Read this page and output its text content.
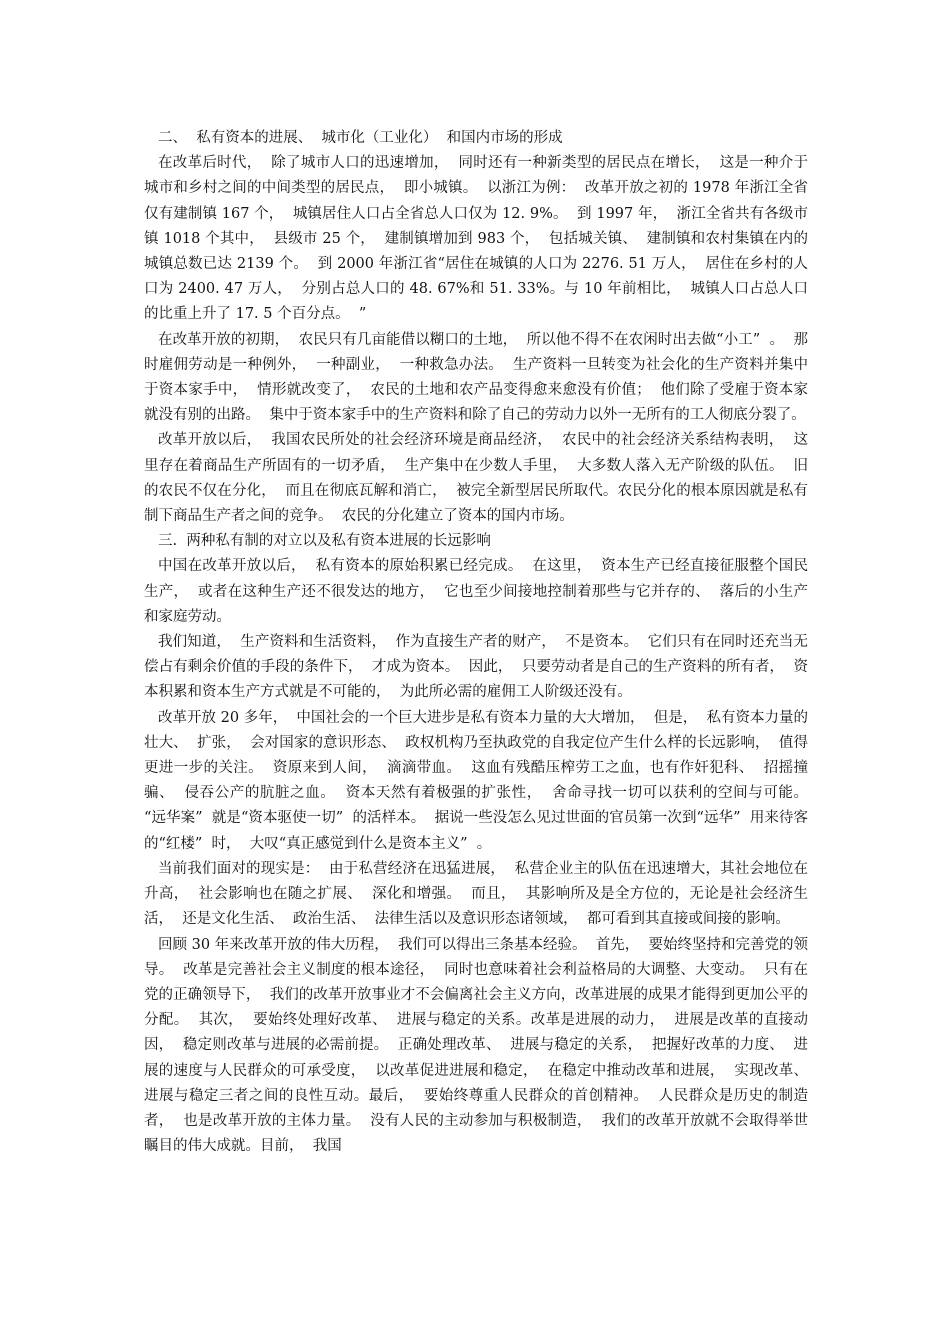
二、  私有资本的进展、  城市化（工业化）  和国内市场的形成

在改革后时代，  除了城市人口的迅速增加，  同时还有一种新类型的居民点在增长，  这是一种介于城市和乡村之间的中间类型的居民点，  即小城镇。  以浙江为例：  改革开放之初的 1978 年浙江全省仅有建制镇 167 个，  城镇居住人口占全省总人口仅为 12. 9%。  到 1997 年，  浙江全省共有各级市镇 1018 个其中，  县级市 25 个，  建制镇增加到 983 个，  包括城关镇、  建制镇和农村集镇在内的城镇总数已达 2139 个。  到 2000 年浙江省“居住在城镇的人口为 2276. 51 万人，  居住在乡村的人口为 2400. 47 万人，  分别占总人口的 48. 67%和 51. 33%。与 10 年前相比，  城镇人口占总人口的比重上升了 17. 5 个百分点。  ”

在改革开放的初期，  农民只有几亩能借以糊口的土地，  所以他不得不在农闲时出去做“小工”  。  那时雇佣劳动是一种例外，  一种副业，  一种救急办法。  生产资料一旦转变为社会化的生产资料并集中于资本家手中，  情形就改变了，  农民的土地和农产品变得愈来愈没有价值；  他们除了受雇于资本家就没有别的出路。  集中于资本家手中的生产资料和除了自己的劳动力以外一无所有的工人彻底分裂了。

改革开放以后，  我国农民所处的社会经济环境是商品经济，  农民中的社会经济关系结构表明，  这里存在着商品生产所固有的一切矛盾，  生产集中在少数人手里，  大多数人落入无产阶级的队伍。  旧的农民不仅在分化，  而且在彻底瓦解和消亡，  被完全新型居民所取代。农民分化的根本原因就是私有制下商品生产者之间的竞争。  农民的分化建立了资本的国内市场。

三.  两种私有制的对立以及私有资本进展的长远影响

中国在改革开放以后，  私有资本的原始积累已经完成。  在这里，  资本生产已经直接征服整个国民生产，  或者在这种生产还不很发达的地方，  它也至少间接地控制着那些与它并存的、  落后的小生产和家庭劳动。

我们知道，  生产资料和生活资料，  作为直接生产者的财产，  不是资本。  它们只有在同时还充当无偿占有剩余价值的手段的条件下，  才成为资本。  因此，  只要劳动者是自己的生产资料的所有者，  资本积累和资本生产方式就是不可能的，  为此所必需的雇佣工人阶级还没有。

改革开放 20 多年，  中国社会的一个巨大进步是私有资本力量的大大增加，  但是，  私有资本力量的壮大、  扩张，  会对国家的意识形态、  政权机构乃至执政党的自我定位产生什么样的长远影响，  值得更进一步的关注。  资原来到人间，  滴滴带血。  这血有残酷压榨劳工之血，也有作奸犯科、  招摇撞骗、  侵吞公产的肮脏之血。  资本天然有着极强的扩张性，  舍命寻找一切可以获利的空间与可能。  “远华案”  就是“资本驱使一切”  的活样本。  据说一些没怎么见过世面的官员第一次到“远华”  用来待客的“红楼”  时，  大叹“真正感觉到什么是资本主义”  。

当前我们面对的现实是：  由于私营经济在迅猛进展，  私营企业主的队伍在迅速增大，其社会地位在升高，  社会影响也在随之扩展、  深化和增强。  而且，  其影响所及是全方位的，无论是社会经济生活，  还是文化生活、  政治生活、  法律生活以及意识形态诸领域，  都可看到其直接或间接的影响。

回顾 30 年来改革开放的伟大历程，  我们可以得出三条基本经验。  首先，  要始终坚持和完善党的领导。  改革是完善社会主义制度的根本途径，  同时也意味着社会利益格局的大调整、大变动。  只有在党的正确领导下，  我们的改革开放事业才不会偏离社会主义方向，改革进展的成果才能得到更加公平的分配。  其次，  要始终处理好改革、  进展与稳定的关系。改革是进展的动力，  进展是改革的直接动因，  稳定则改革与进展的必需前提。  正确处理改革、  进展与稳定的关系，  把握好改革的力度、  进展的速度与人民群众的可承受度，  以改革促进进展和稳定，  在稳定中推动改革和进展，  实现改革、  进展与稳定三者之间的良性互动。最后，  要始终尊重人民群众的首创精神。  人民群众是历史的制造者，  也是改革开放的主体力量。  没有人民的主动参加与积极制造，  我们的改革开放就不会取得举世瞩目的伟大成就。目前，  我国
